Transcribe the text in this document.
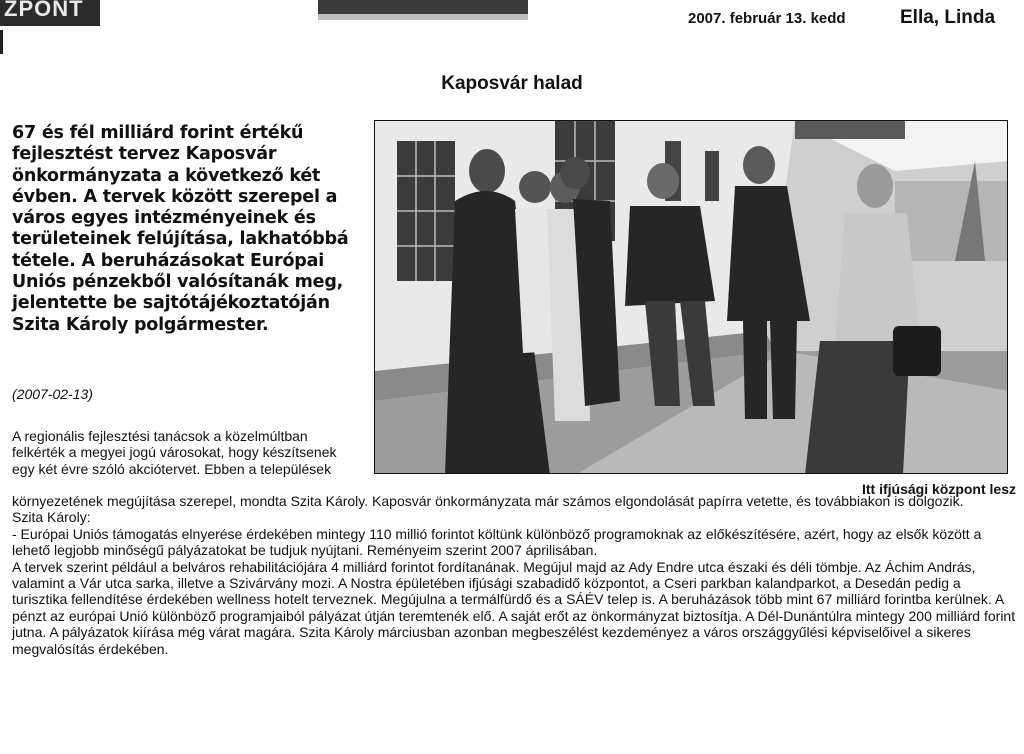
ZPONT	2007. február 13. kedd	Ella, Linda
Kaposvár halad
67 és fél milliárd forint értékű fejlesztést tervez Kaposvár önkormányzata a következő két évben. A tervek között szerepel a város egyes intézményeinek és területeinek felújítása, lakhatóbbá tétele. A beruházásokat Európai Uniós pénzekből valósítanák meg, jelentette be sajtótájékoztatóján Szita Károly polgármester.
(2007-02-13)
Itt ifjúsági központ lesz
A regionális fejlesztési tanácsok a közelmúltban felkérték a megyei jogú városokat, hogy készítsenek egy két évre szóló akciótervet. Ebben a települések

környezetének megújítása szerepel, mondta Szita Károly. Kaposvár önkormányzata már számos elgondolását papírra vetette, és továbbiakon is dolgozik.

Szita Károly:

- Európai Uniós támogatás elnyerése érdekében mintegy 110 millió forintot költünk különböző programoknak az előkészítésére, azért, hogy az elsők között a lehető legjobb minőségű pályázatokat be tudjuk nyújtani. Reményeim szerint 2007 áprilisában.

A tervek szerint például a belváros rehabilitációjára 4 milliárd forintot fordítanának. Megújul majd az Ady Endre utca északi és déli tömbje. Az Áchim András, valamint a Vár utca sarka, illetve a Szivárvány mozi. A Nostra épületében ifjúsági szabadidő központot, a Cseri parkban kalandparkot, a Desedán pedig a turisztika fellendítése érdekében wellness hotelt terveznek. Megújulna a termálfürdő és a SÁÉV telep is. A beruházások több mint 67 milliárd forintba kerülnek. A pénzt az európai Unió különböző programjaiból pályázat útján teremtenék elő. A saját erőt az önkormányzat biztosítja. A Dél-Dunántúlra mintegy 200 milliárd forint jutna. A pályázatok kiírása még várat magára. Szita Károly márciusban azonban megbeszélést kezdeményez a város országgyűlési képviselőivel a sikeres megvalósítás érdekében.
